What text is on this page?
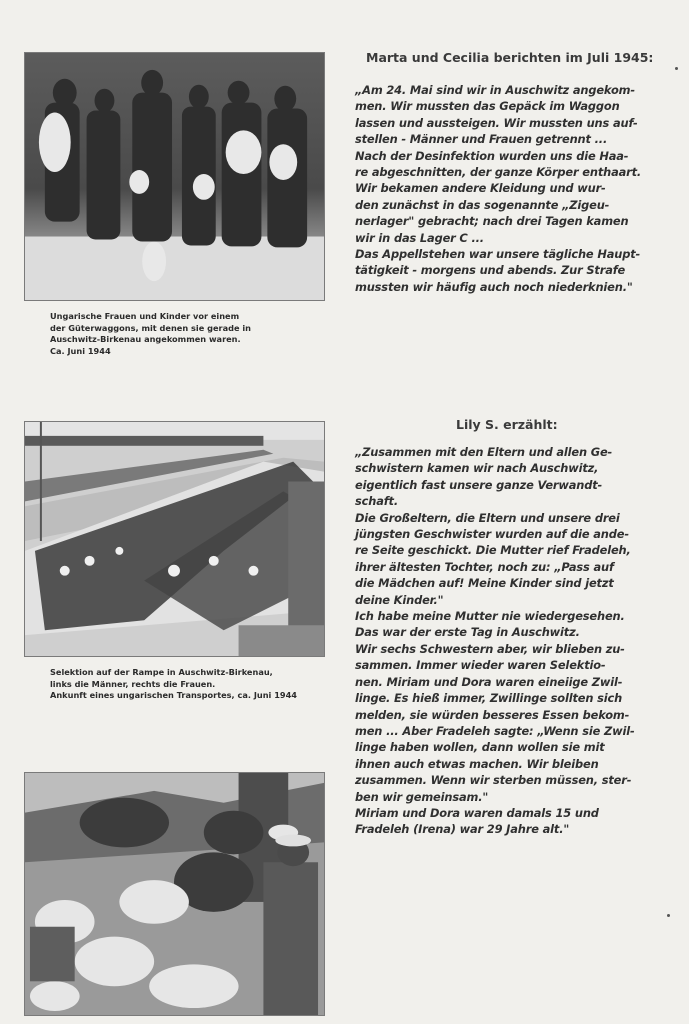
Ungarische Frauen und Kinder vor einem
der Güterwaggons, mit denen sie gerade in
Auschwitz-Birkenau angekommen waren.
Ca. Juni 1944
Marta und Cecilia berichten im Juli 1945:
„Am 24. Mai sind wir in Auschwitz angekom-
men. Wir mussten das Gepäck im Waggon
lassen und aussteigen. Wir mussten uns auf-
stellen - Männer und Frauen getrennt ...
Nach der Desinfektion wurden uns die Haa-
re abgeschnitten, der ganze Körper enthaart.
Wir bekamen andere Kleidung und wur-
den zunächst in das sogenannte „Zigeu-
nerlager" gebracht; nach drei Tagen kamen
wir in das Lager C ...
Das Appellstehen war unsere tägliche Haupt-
tätigkeit - morgens und abends. Zur Strafe
mussten wir häufig auch noch niederknien."
Selektion auf der Rampe in Auschwitz-Birkenau,
links die Männer, rechts die Frauen.
Ankunft eines ungarischen Transportes, ca. Juni 1944
Lily S. erzählt:
„Zusammen mit den Eltern und allen Ge-
schwistern kamen wir nach Auschwitz,
eigentlich fast unsere ganze Verwandt-
schaft.
Die Großeltern, die Eltern und unsere drei
jüngsten Geschwister wurden auf die ande-
re Seite geschickt. Die Mutter rief Fradeleh,
ihrer ältesten Tochter, noch zu: „Pass auf
die Mädchen auf! Meine Kinder sind jetzt
deine Kinder."
Ich habe meine Mutter nie wiedergesehen.
Das war der erste Tag in Auschwitz.
Wir sechs Schwestern aber, wir blieben zu-
sammen. Immer wieder waren Selektio-
nen. Miriam und Dora waren eineiige Zwil-
linge. Es hieß immer, Zwillinge sollten sich
melden, sie würden besseres Essen bekom-
men ... Aber Fradeleh sagte: „Wenn sie Zwil-
linge haben wollen, dann wollen sie mit
ihnen auch etwas machen. Wir bleiben
zusammen. Wenn wir sterben müssen, ster-
ben wir gemeinsam."
Miriam und Dora waren damals 15 und
Fradeleh (Irena) war 29 Jahre alt."
